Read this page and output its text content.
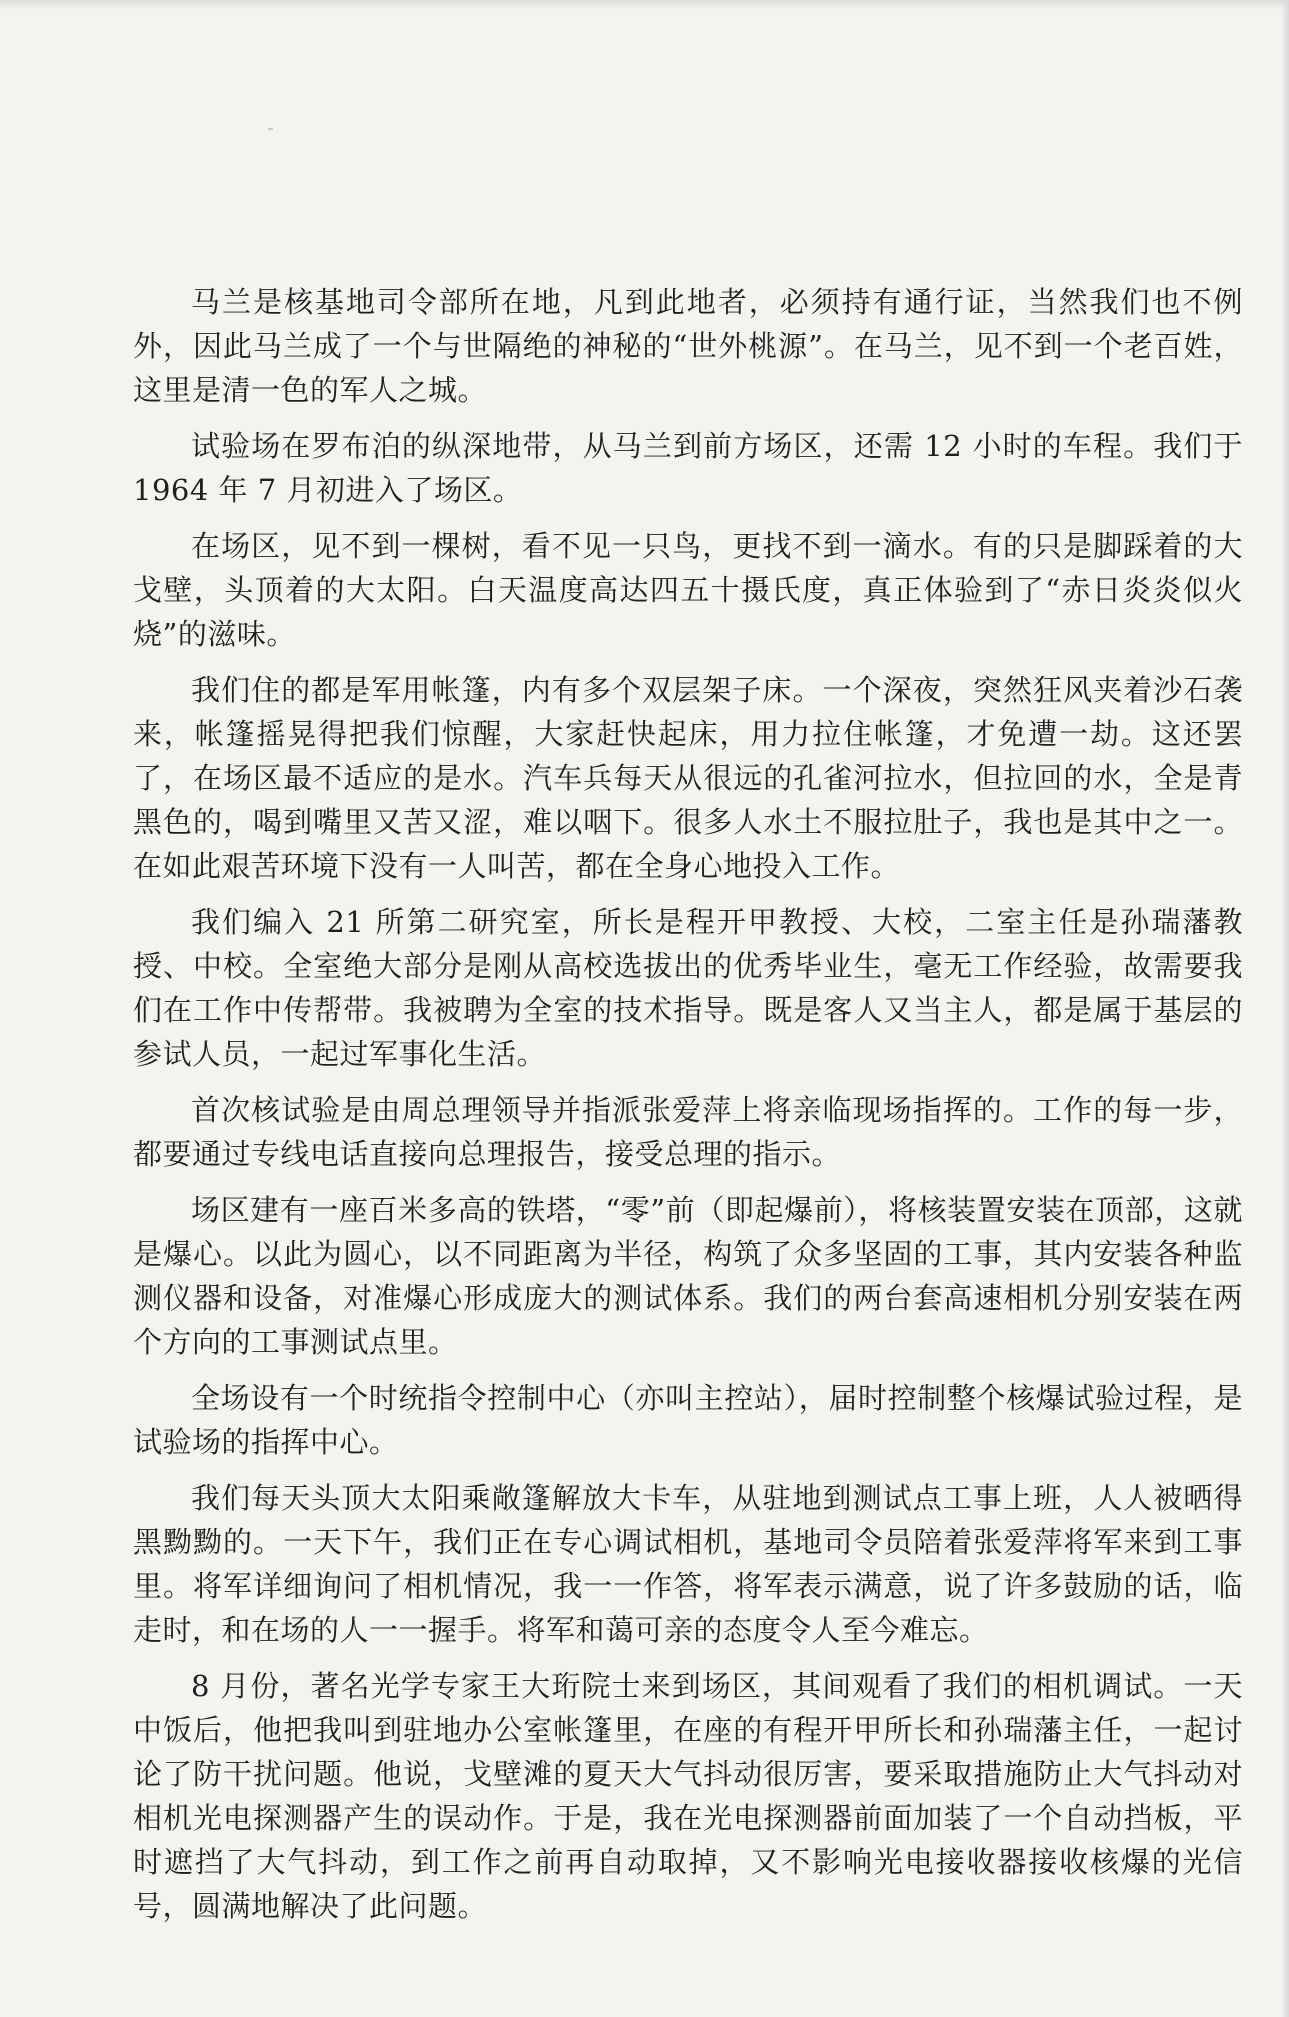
马兰是核基地司令部所在地，凡到此地者，必须持有通行证，当然我们也不例外，因此马兰成了一个与世隔绝的神秘的“世外桃源”。在马兰，见不到一个老百姓，这里是清一色的军人之城。

试验场在罗布泊的纵深地带，从马兰到前方场区，还需 12 小时的车程。我们于 1964 年 7 月初进入了场区。

在场区，见不到一棵树，看不见一只鸟，更找不到一滴水。有的只是脚踩着的大戈壁，头顶着的大太阳。白天温度高达四五十摄氏度，真正体验到了“赤日炎炎似火烧”的滋味。

我们住的都是军用帐篷，内有多个双层架子床。一个深夜，突然狂风夹着沙石袭来，帐篷摇晃得把我们惊醒，大家赶快起床，用力拉住帐篷，才免遭一劫。这还罢了，在场区最不适应的是水。汽车兵每天从很远的孔雀河拉水，但拉回的水，全是青黑色的，喝到嘴里又苦又涩，难以咽下。很多人水土不服拉肚子，我也是其中之一。在如此艰苦环境下没有一人叫苦，都在全身心地投入工作。

我们编入 21 所第二研究室，所长是程开甲教授、大校，二室主任是孙瑞藩教授、中校。全室绝大部分是刚从高校选拔出的优秀毕业生，毫无工作经验，故需要我们在工作中传帮带。我被聘为全室的技术指导。既是客人又当主人，都是属于基层的参试人员，一起过军事化生活。

首次核试验是由周总理领导并指派张爱萍上将亲临现场指挥的。工作的每一步，都要通过专线电话直接向总理报告，接受总理的指示。

场区建有一座百米多高的铁塔，“零”前（即起爆前），将核装置安装在顶部，这就是爆心。以此为圆心，以不同距离为半径，构筑了众多坚固的工事，其内安装各种监测仪器和设备，对准爆心形成庞大的测试体系。我们的两台套高速相机分别安装在两个方向的工事测试点里。

全场设有一个时统指令控制中心（亦叫主控站），届时控制整个核爆试验过程，是试验场的指挥中心。

我们每天头顶大太阳乘敞篷解放大卡车，从驻地到测试点工事上班，人人被晒得黑黝黝的。一天下午，我们正在专心调试相机，基地司令员陪着张爱萍将军来到工事里。将军详细询问了相机情况，我一一作答，将军表示满意，说了许多鼓励的话，临走时，和在场的人一一握手。将军和蔼可亲的态度令人至今难忘。

8 月份，著名光学专家王大珩院士来到场区，其间观看了我们的相机调试。一天中饭后，他把我叫到驻地办公室帐篷里，在座的有程开甲所长和孙瑞藩主任，一起讨论了防干扰问题。他说，戈壁滩的夏天大气抖动很厉害，要采取措施防止大气抖动对相机光电探测器产生的误动作。于是，我在光电探测器前面加装了一个自动挡板，平时遮挡了大气抖动，到工作之前再自动取掉，又不影响光电接收器接收核爆的光信号，圆满地解决了此问题。
